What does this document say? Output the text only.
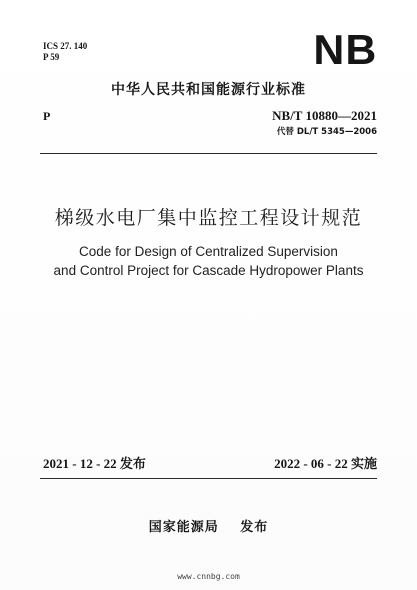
ICS 27. 140
P 59	NB
中华人民共和国能源行业标准
P	NB/T 10880—2021
代替 DL/T 5345—2006
梯级水电厂集中监控工程设计规范
Code for Design of Centralized Supervision
and Control Project for Cascade Hydropower Plants
2021 - 12 - 22 发布	2022 - 06 - 22 实施
国家能源局 发布
www.cnnbg.com
